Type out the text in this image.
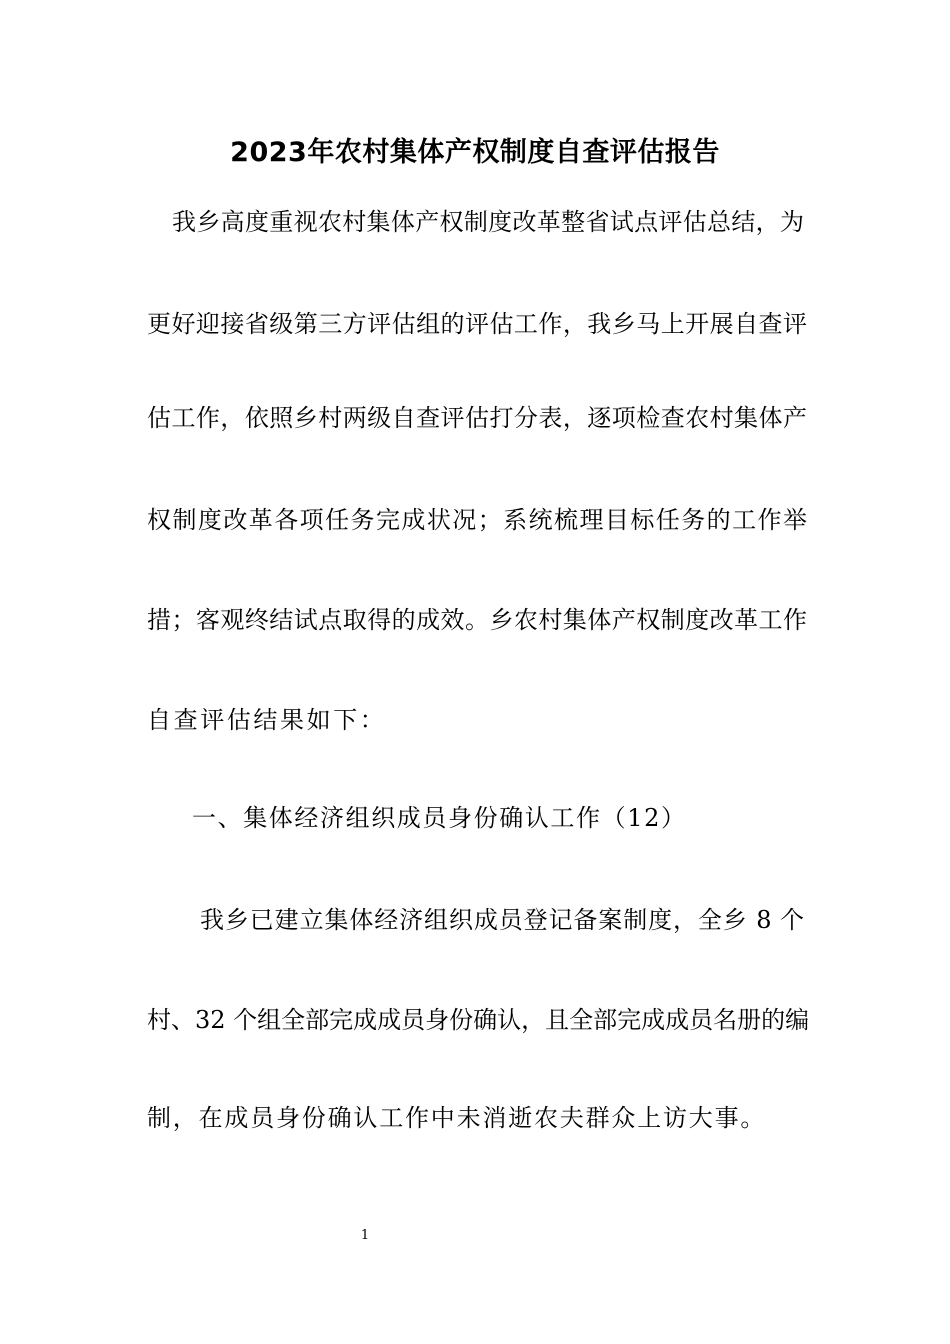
2023年农村集体产权制度自查评估报告
我乡高度重视农村集体产权制度改革整省试点评估总结，为
更好迎接省级第三方评估组的评估工作，我乡马上开展自查评
估工作，依照乡村两级自查评估打分表，逐项检查农村集体产
权制度改革各项任务完成状况；系统梳理目标任务的工作举
措；客观终结试点取得的成效。乡农村集体产权制度改革工作
自查评估结果如下：
一、集体经济组织成员身份确认工作（12）
我乡已建立集体经济组织成员登记备案制度，全乡 8 个
村、32 个组全部完成成员身份确认，且全部完成成员名册的编
制，在成员身份确认工作中未消逝农夫群众上访大事。
1
